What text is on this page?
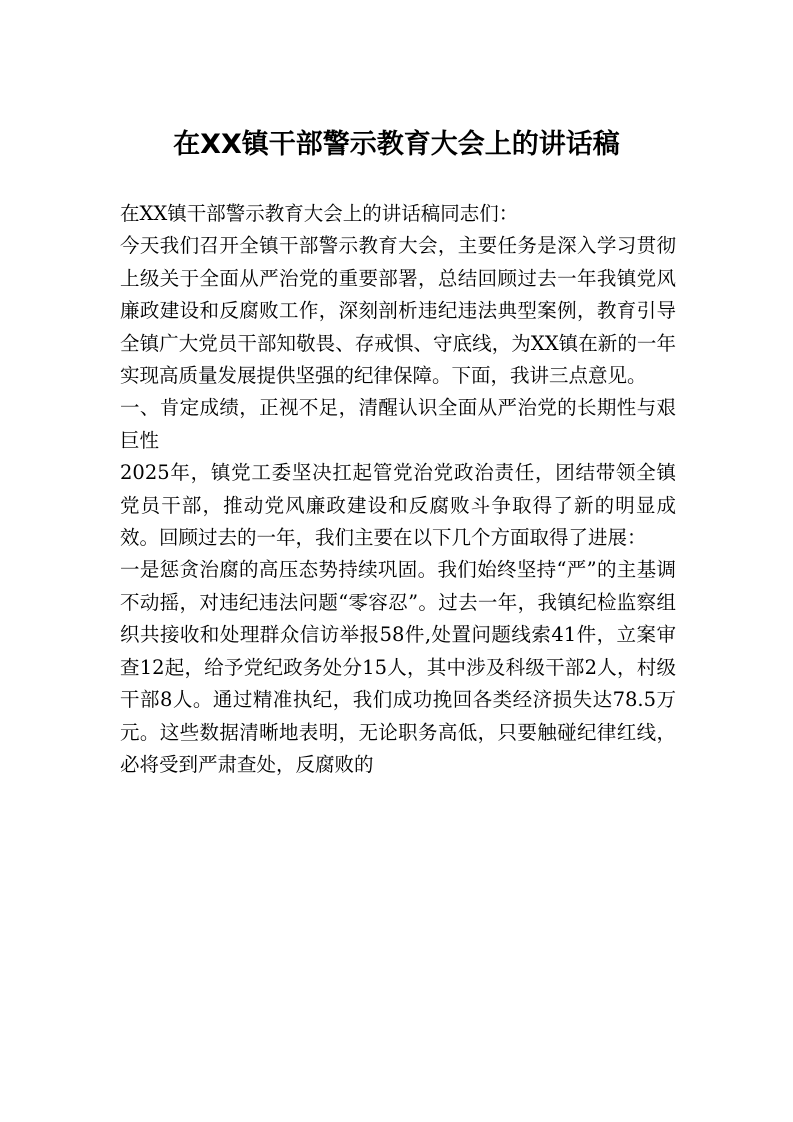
在XX镇干部警示教育大会上的讲话稿

在XX镇干部警示教育大会上的讲话稿同志们：

今天我们召开全镇干部警示教育大会，主要任务是深入学习贯彻上级关于全面从严治党的重要部署，总结回顾过去一年我镇党风廉政建设和反腐败工作，深刻剖析违纪违法典型案例，教育引导全镇广大党员干部知敬畏、存戒惧、守底线，为XX镇在新的一年实现高质量发展提供坚强的纪律保障。下面，我讲三点意见。

一、肯定成绩，正视不足，清醒认识全面从严治党的长期性与艰巨性

2025年，镇党工委坚决扛起管党治党政治责任，团结带领全镇党员干部，推动党风廉政建设和反腐败斗争取得了新的明显成效。回顾过去的一年，我们主要在以下几个方面取得了进展：

一是惩贪治腐的高压态势持续巩固。我们始终坚持“严”的主基调不动摇，对违纪违法问题“零容忍”。过去一年，我镇纪检监察组织共接收和处理群众信访举报58件,处置问题线索41件，立案审查12起，给予党纪政务处分15人，其中涉及科级干部2人，村级干部8人。通过精准执纪，我们成功挽回各类经济损失达78.5万元。这些数据清晰地表明，无论职务高低，只要触碰纪律红线，必将受到严肃查处，反腐败的
